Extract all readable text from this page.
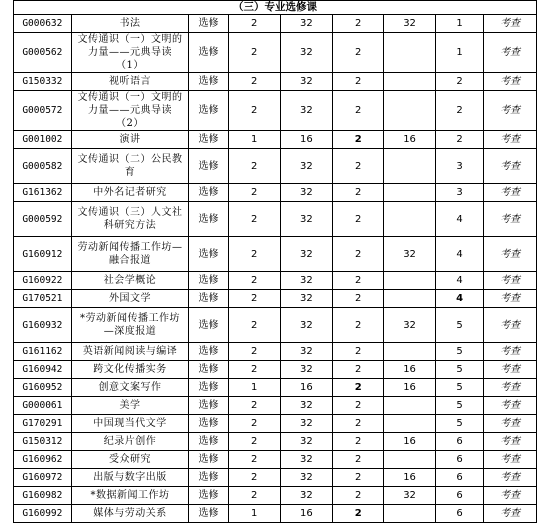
（三）专业选修课								
G000632	书法	选修	2	32	2	32	1	考查
G000562	文传通识（一）文明的力量——元典导读（1）	选修	2	32	2		1	考查
G150332	视听语言	选修	2	32	2		2	考查
G000572	文传通识（一）文明的力量——元典导读（2）	选修	2	32	2		2	考查
G001002	演讲	选修	1	16	2	16	2	考查
G000582	文传通识（二）公民教育	选修	2	32	2		3	考查
G161362	中外名记者研究	选修	2	32	2		3	考查
G000592	文传通识（三）人文社科研究方法	选修	2	32	2		4	考查
G160912	劳动新闻传播工作坊—融合报道	选修	2	32	2	32	4	考查
G160922	社会学概论	选修	2	32	2		4	考查
G170521	外国文学	选修	2	32	2		4	考查
G160932	*劳动新闻传播工作坊—深度报道	选修	2	32	2	32	5	考查
G161162	英语新闻阅读与编译	选修	2	32	2		5	考查
G160942	跨文化传播实务	选修	2	32	2	16	5	考查
G160952	创意文案写作	选修	1	16	2	16	5	考查
G000061	美学	选修	2	32	2		5	考查
G170291	中国现当代文学	选修	2	32	2		5	考查
G150312	纪录片创作	选修	2	32	2	16	6	考查
G160962	受众研究	选修	2	32	2		6	考查
G160972	出版与数字出版	选修	2	32	2	16	6	考查
G160982	*数据新闻工作坊	选修	2	32	2	32	6	考查
G160992	媒体与劳动关系	选修	1	16	2		6	考查
